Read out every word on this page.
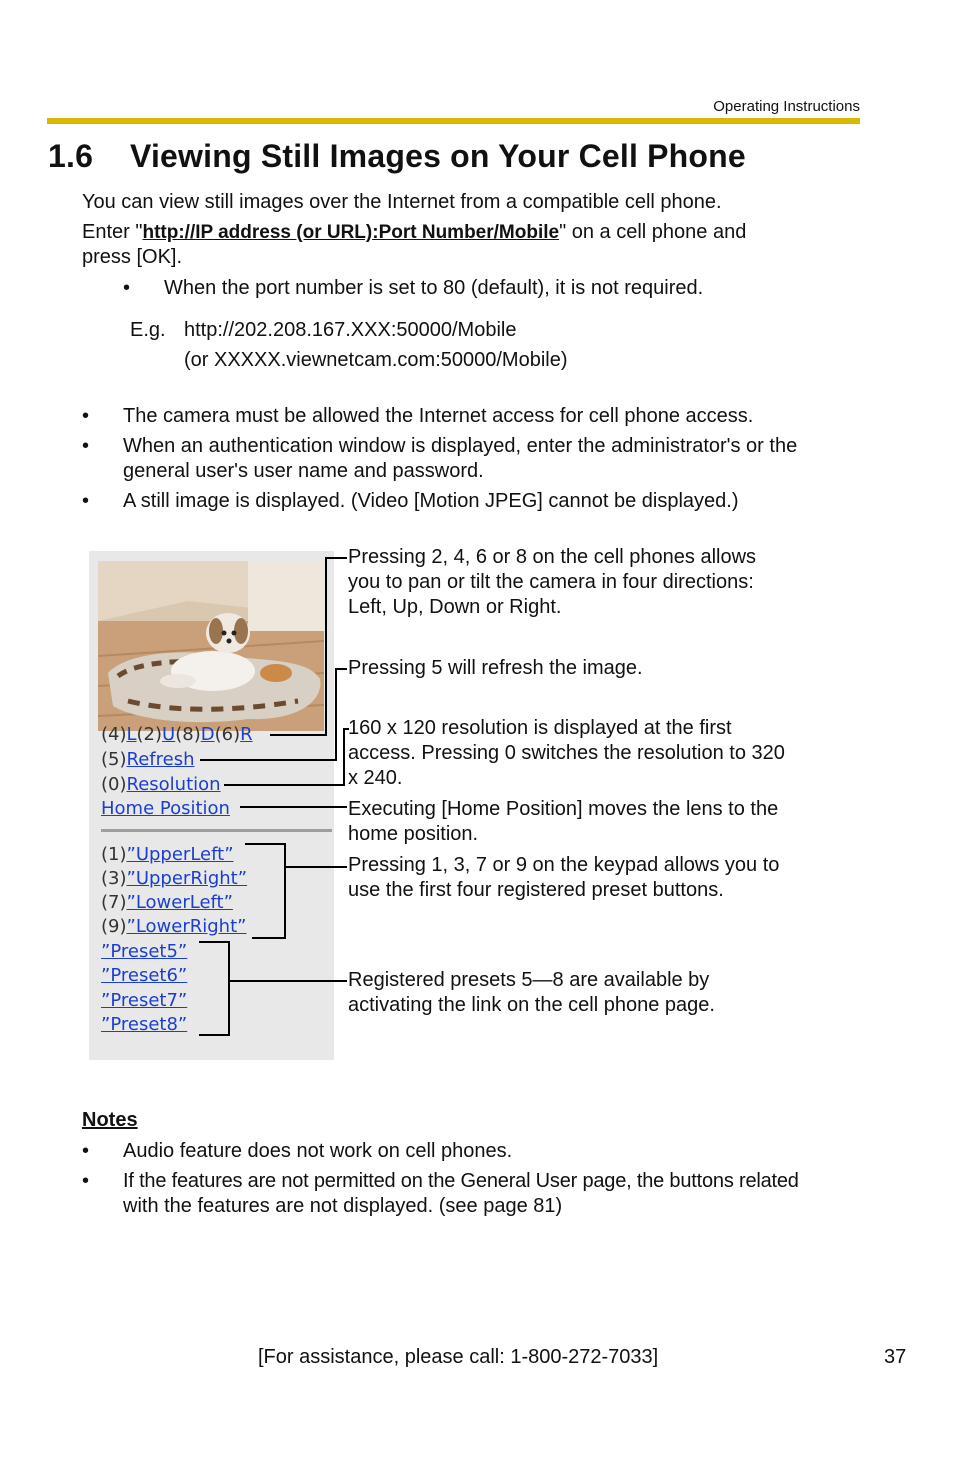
Operating Instructions
1.6 Viewing Still Images on Your Cell Phone
You can view still images over the Internet from a compatible cell phone.
Enter "http://IP address (or URL):Port Number/Mobile" on a cell phone and
press [OK].
• When the port number is set to 80 (default), it is not required.
E.g. http://202.208.167.XXX:50000/Mobile
(or XXXXX.viewnetcam.com:50000/Mobile)
• The camera must be allowed the Internet access for cell phone access.
• When an authentication window is displayed, enter the administrator's or the
general user's user name and password.
• A still image is displayed. (Video [Motion JPEG] cannot be displayed.)
(4)L(2)U(8)D(6)R
(5)Refresh
(0)Resolution
Home Position
(1)”UpperLeft”
(3)”UpperRight”
(7)”LowerLeft”
(9)”LowerRight”
”Preset5”
”Preset6”
”Preset7”
”Preset8”
Pressing 2, 4, 6 or 8 on the cell phones allows
you to pan or tilt the camera in four directions:
Left, Up, Down or Right.
Pressing 5 will refresh the image.
160 x 120 resolution is displayed at the first
access. Pressing 0 switches the resolution to 320
x 240.
Executing [Home Position] moves the lens to the
home position.
Pressing 1, 3, 7 or 9 on the keypad allows you to
use the first four registered preset buttons.
Registered presets 5—8 are available by
activating the link on the cell phone page.
Notes
• Audio feature does not work on cell phones.
• If the features are not permitted on the General User page, the buttons related
with the features are not displayed. (see page 81)
[For assistance, please call: 1-800-272-7033]	37
